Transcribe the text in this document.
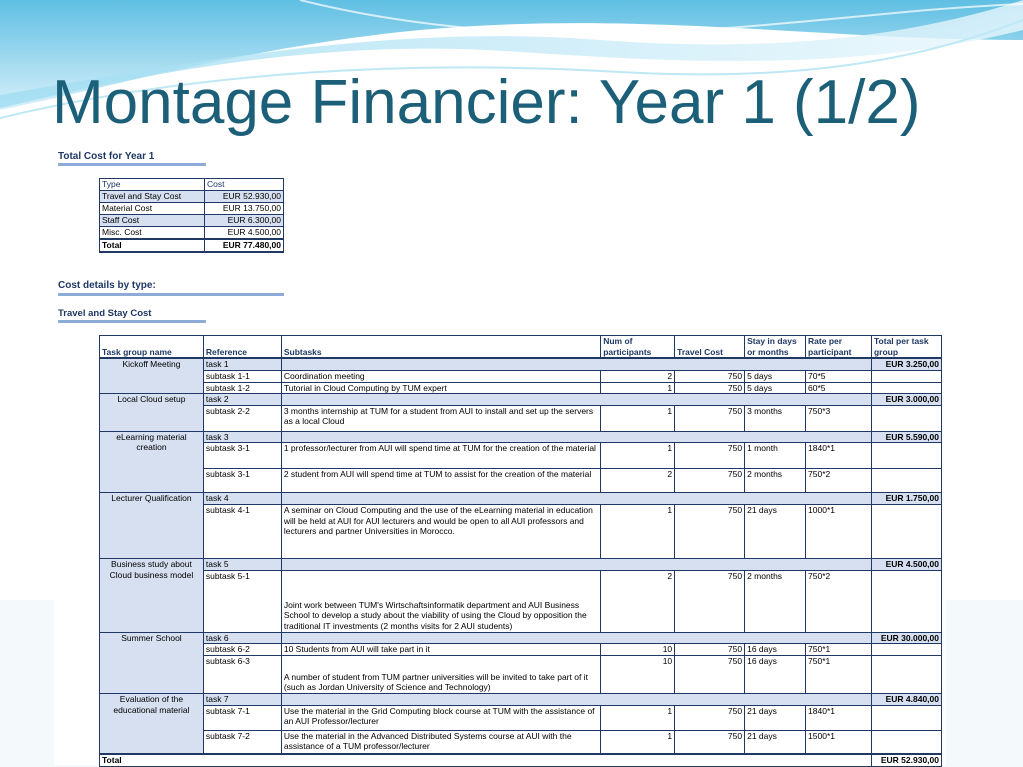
Montage Financier: Year 1 (1/2)
Total Cost for Year 1
Type	Cost
Travel and Stay Cost	EUR 52.930,00
Material Cost	EUR 13.750,00
Staff Cost	EUR 6.300,00
Misc. Cost	EUR 4.500,00
Total	EUR 77.480,00
Cost details by type:
Travel and Stay Cost
Task group name	Reference	Subtasks	Num of participants	Travel Cost	Stay in days or months	Rate per participant	Total per task group
Kickoff Meeting	task 1						EUR 3.250,00
	subtask 1-1	Coordination meeting	2	750	5 days	70*5	
	subtask 1-2	Tutorial in Cloud Computing by TUM expert	1	750	5 days	60*5	
Local Cloud setup	task 2						EUR 3.000,00
	subtask 2-2	3 months internship at TUM for a student from AUI to install and set up the servers as a local Cloud	1	750	3 months	750*3	
eLearning material creation	task 3						EUR 5.590,00
	subtask 3-1	1 professor/lecturer from AUI will spend time at TUM for the creation of the material	1	750	1 month	1840*1	
	subtask 3-1	2 student from AUI will spend time at TUM to assist for the creation of the material	2	750	2 months	750*2	
Lecturer Qualification	task 4						EUR 1.750,00
	subtask 4-1	A seminar on Cloud Computing and the use of the eLearning material in education will be held at AUI for AUI lecturers and would be open to all AUI professors and lecturers and partner Universities in Morocco.	1	750	21 days	1000*1	
Business study about Cloud business model	task 5						EUR 4.500,00
	subtask 5-1	Joint work between TUM's Wirtschaftsinformatik department and AUI Business School to develop a study about the viability of using the Cloud by opposition the traditional IT investments (2 months visits for 2 AUI students)	2	750	2 months	750*2	
Summer School	task 6						EUR 30.000,00
	subtask 6-2	10 Students from AUI will take part in it	10	750	16 days	750*1	
	subtask 6-3	A number of student from TUM partner universities will be invited to take part of it (such as Jordan University of Science and Technology)	10	750	16 days	750*1	
Evaluation of the educational material	task 7						EUR 4.840,00
	subtask 7-1	Use the material in the Grid Computing block course at TUM with the assistance of an AUI Professor/lecturer	1	750	21 days	1840*1	
	subtask 7-2	Use the material in the Advanced Distributed Systems course at AUI with the assistance of a TUM professor/lecturer	1	750	21 days	1500*1	
Total							EUR 52.930,00
